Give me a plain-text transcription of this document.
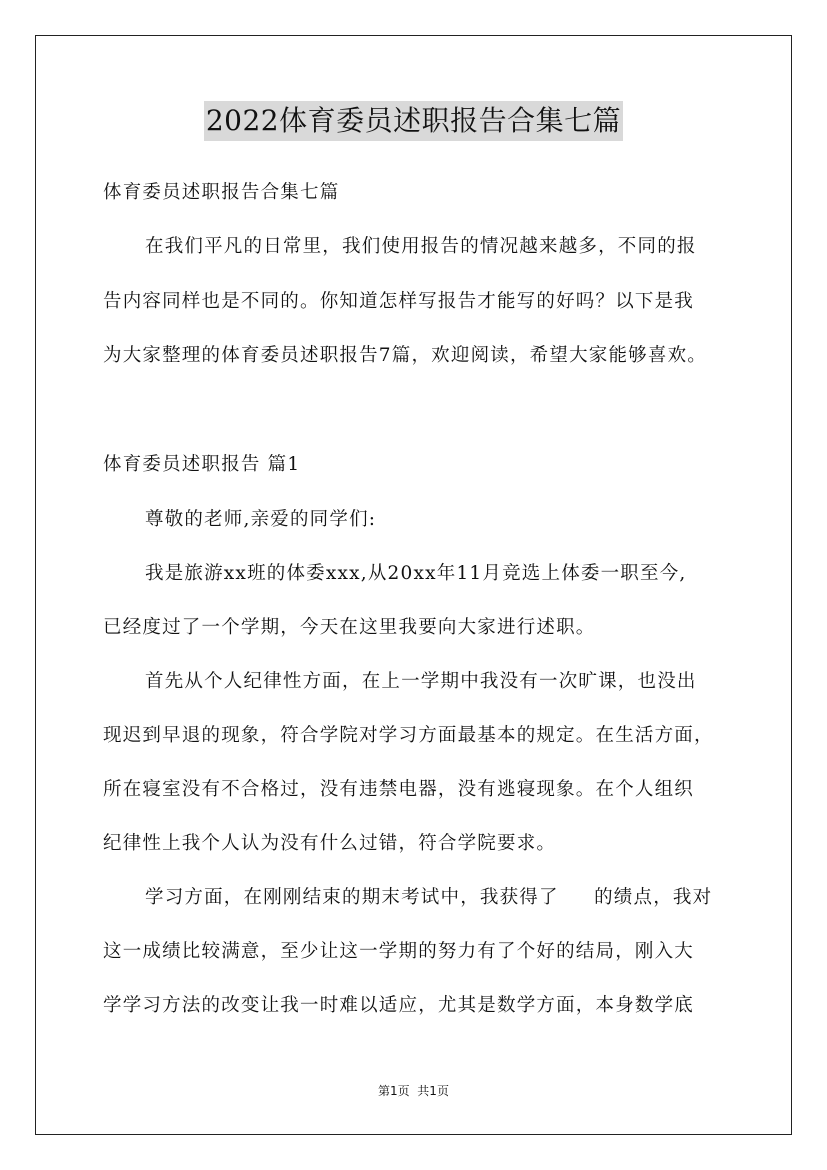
2022体育委员述职报告合集七篇
体育委员述职报告合集七篇
在我们平凡的日常里，我们使用报告的情况越来越多，不同的报
告内容同样也是不同的。你知道怎样写报告才能写的好吗？以下是我
为大家整理的体育委员述职报告7篇，欢迎阅读，希望大家能够喜欢。
体育委员述职报告 篇1
尊敬的老师,亲爱的同学们:
我是旅游xx班的体委xxx,从20xx年11月竞选上体委一职至今,
已经度过了一个学期，今天在这里我要向大家进行述职。
首先从个人纪律性方面，在上一学期中我没有一次旷课，也没出
现迟到早退的现象，符合学院对学习方面最基本的规定。在生活方面，
所在寝室没有不合格过，没有违禁电器，没有逃寝现象。在个人组织
纪律性上我个人认为没有什么过错，符合学院要求。
学习方面，在刚刚结束的期末考试中，我获得了     的绩点，我对
这一成绩比较满意，至少让这一学期的努力有了个好的结局，刚入大
学学习方法的改变让我一时难以适应，尤其是数学方面，本身数学底
第1页  共1页
